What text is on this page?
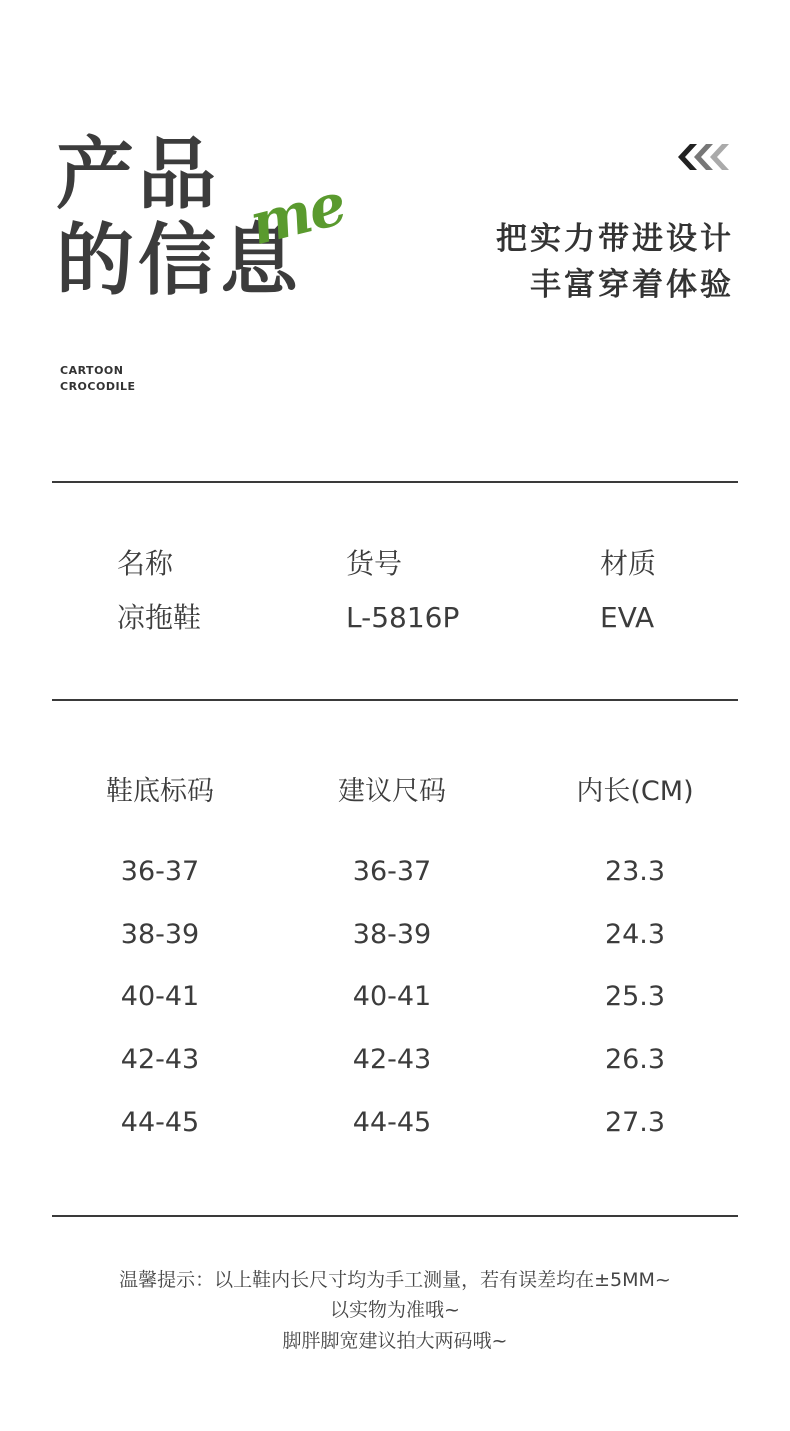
产品
的信息
me	把实力带进设计
丰富穿着体验
CARTOON
CROCODILE
名称	货号	材质
凉拖鞋	L-5816P	EVA
鞋底标码	建议尺码	内长(CM)
36-37	36-37	23.3
38-39	38-39	24.3
40-41	40-41	25.3
42-43	42-43	26.3
44-45	44-45	27.3
温馨提示：以上鞋内长尺寸均为手工测量，若有误差均在±5MM~
以实物为准哦~
脚胖脚宽建议拍大两码哦~
